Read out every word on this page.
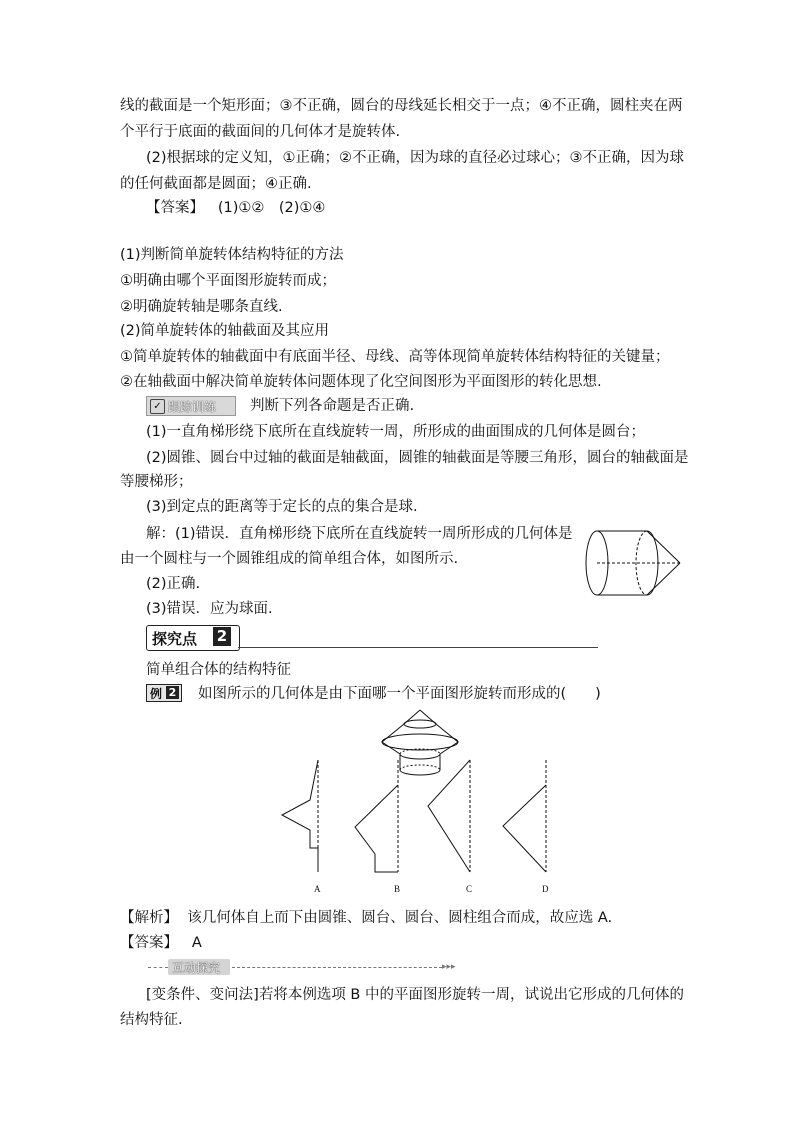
线的截面是一个矩形面；③不正确，圆台的母线延长相交于一点；④不正确，圆柱夹在两
个平行于底面的截面间的几何体才是旋转体.
(2)根据球的定义知，①正确；②不正确，因为球的直径必过球心；③不正确，因为球
的任何截面都是圆面；④正确.
【答案】 (1)①②　(2)①④
(1)判断简单旋转体结构特征的方法
①明确由哪个平面图形旋转而成；
②明确旋转轴是哪条直线.
(2)简单旋转体的轴截面及其应用
①简单旋转体的轴截面中有底面半径、母线、高等体现简单旋转体结构特征的关键量；
②在轴截面中解决简单旋转体问题体现了化空间图形为平面图形的转化思想.
✓ 跟踪训练 判断下列各命题是否正确.
(1)一直角梯形绕下底所在直线旋转一周，所形成的曲面围成的几何体是圆台；
(2)圆锥、圆台中过轴的截面是轴截面，圆锥的轴截面是等腰三角形，圆台的轴截面是
等腰梯形；
(3)到定点的距离等于定长的点的集合是球.
解：(1)错误．直角梯形绕下底所在直线旋转一周所形成的几何体是
由一个圆柱与一个圆锥组成的简单组合体，如图所示.
(2)正确.
(3)错误．应为球面.
探究点 2
简单组合体的结构特征
例 2 如图所示的几何体是由下面哪一个平面图形旋转而形成的(　　)
A	B	C	D
【解析】 该几何体自上而下由圆锥、圆台、圆台、圆柱组合而成，故应选 A.
【答案】 A
互动探究	▸▸▸
[变条件、变问法]若将本例选项 B 中的平面图形旋转一周，试说出它形成的几何体的
结构特征.
